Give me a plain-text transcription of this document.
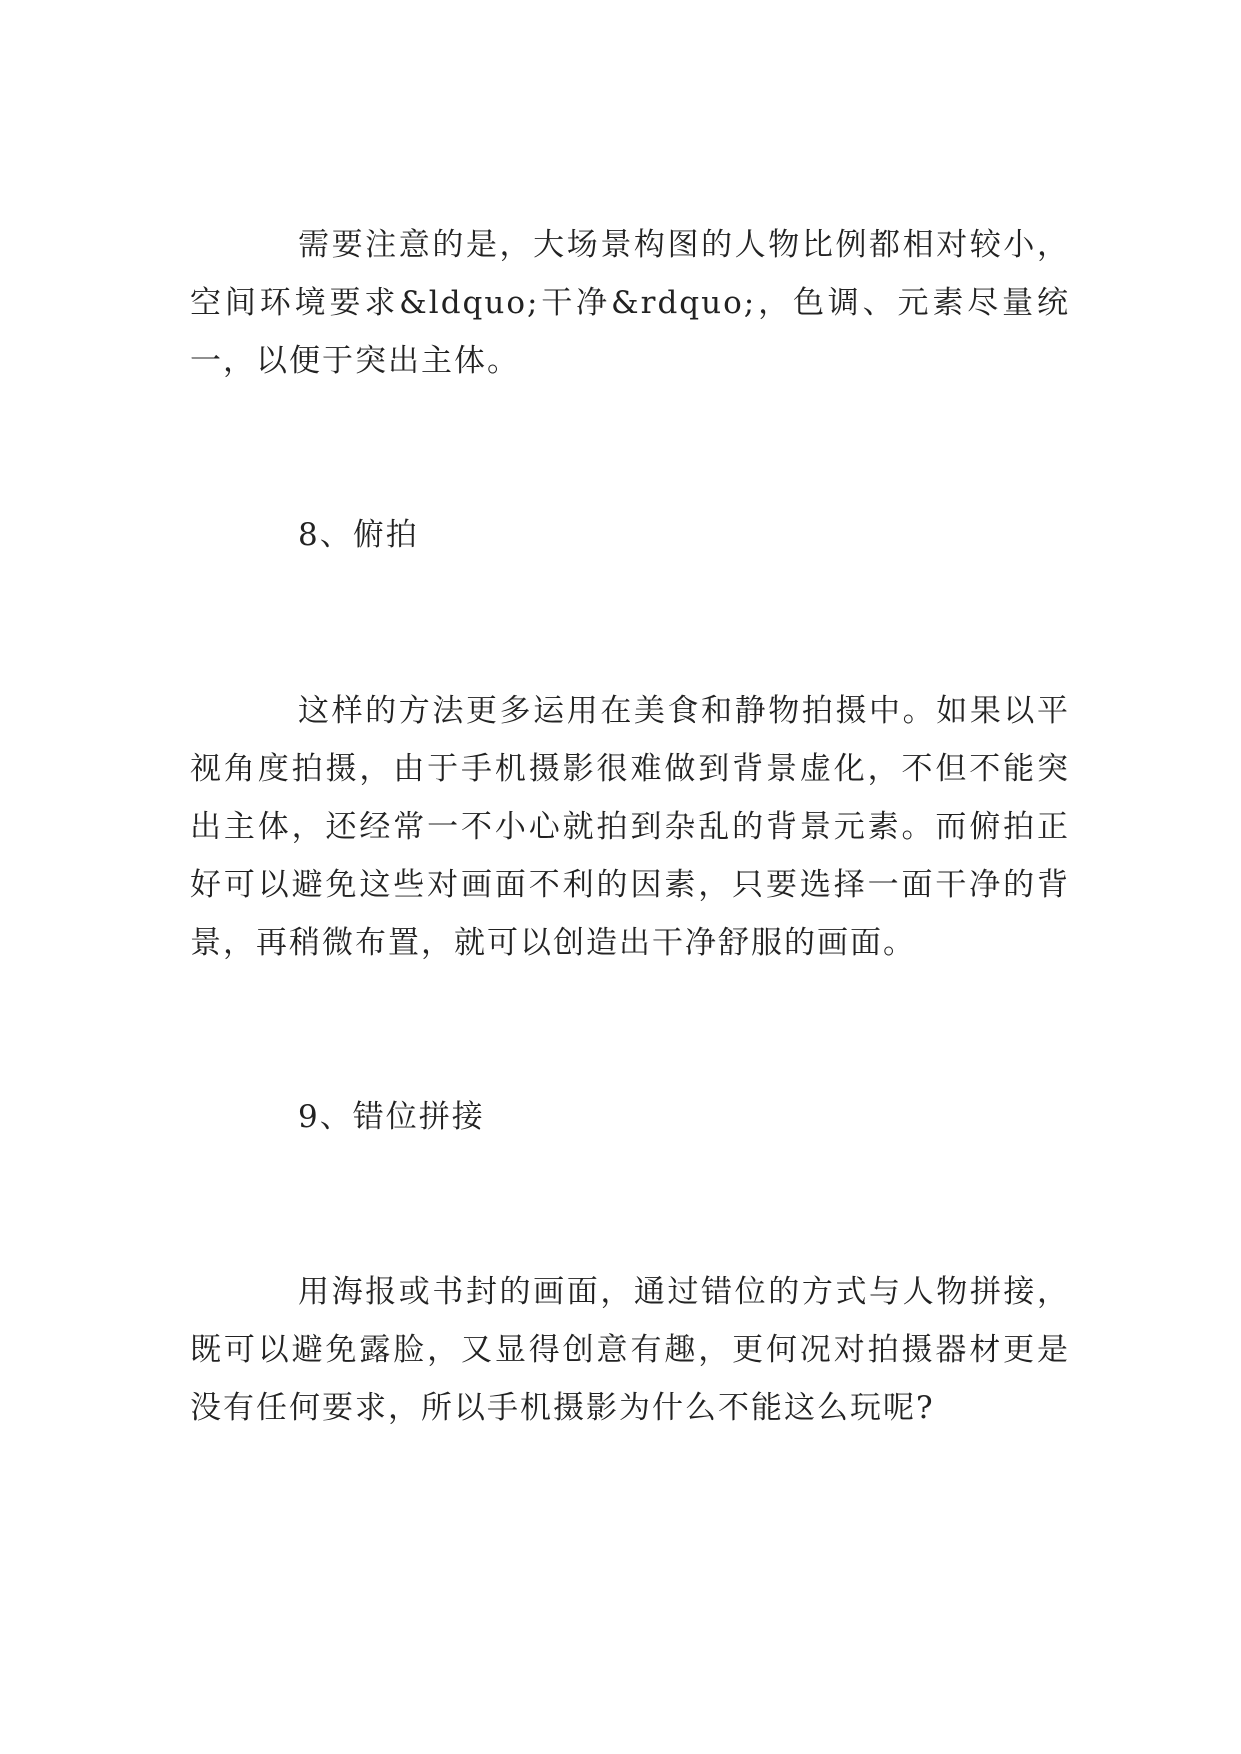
需要注意的是，大场景构图的人物比例都相对较小，空间环境要求&ldquo;干净&rdquo;，色调、元素尽量统一，以便于突出主体。

8、俯拍

这样的方法更多运用在美食和静物拍摄中。如果以平视角度拍摄，由于手机摄影很难做到背景虚化，不但不能突出主体，还经常一不小心就拍到杂乱的背景元素。而俯拍正好可以避免这些对画面不利的因素，只要选择一面干净的背景，再稍微布置，就可以创造出干净舒服的画面。

9、错位拼接

用海报或书封的画面，通过错位的方式与人物拼接，既可以避免露脸，又显得创意有趣，更何况对拍摄器材更是没有任何要求，所以手机摄影为什么不能这么玩呢?
